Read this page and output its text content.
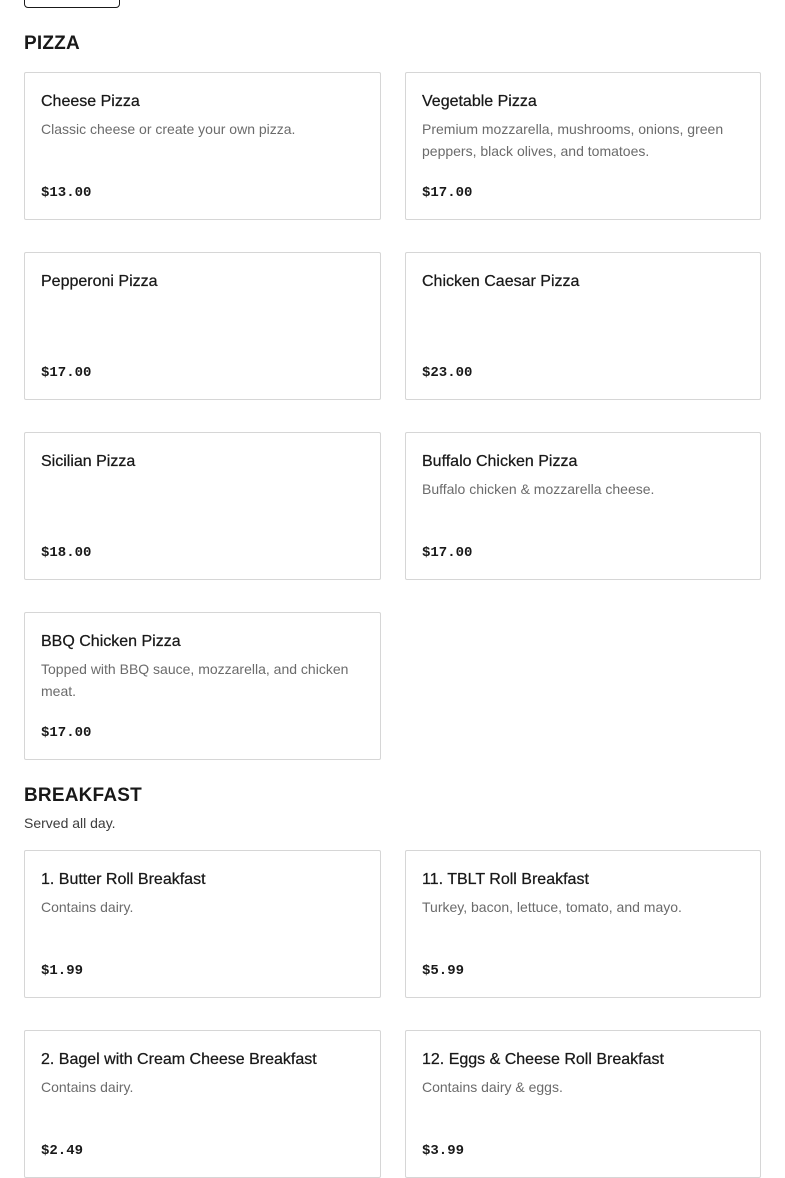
PIZZA
Cheese Pizza
Classic cheese or create your own pizza.
$13.00
Vegetable Pizza
Premium mozzarella, mushrooms, onions, green peppers, black olives, and tomatoes.
$17.00
Pepperoni Pizza
$17.00
Chicken Caesar Pizza
$23.00
Sicilian Pizza
$18.00
Buffalo Chicken Pizza
Buffalo chicken & mozzarella cheese.
$17.00
BBQ Chicken Pizza
Topped with BBQ sauce, mozzarella, and chicken meat.
$17.00
BREAKFAST
Served all day.
1. Butter Roll Breakfast
Contains dairy.
$1.99
11. TBLT Roll Breakfast
Turkey, bacon, lettuce, tomato, and mayo.
$5.99
2. Bagel with Cream Cheese Breakfast
Contains dairy.
$2.49
12. Eggs & Cheese Roll Breakfast
Contains dairy & eggs.
$3.99
